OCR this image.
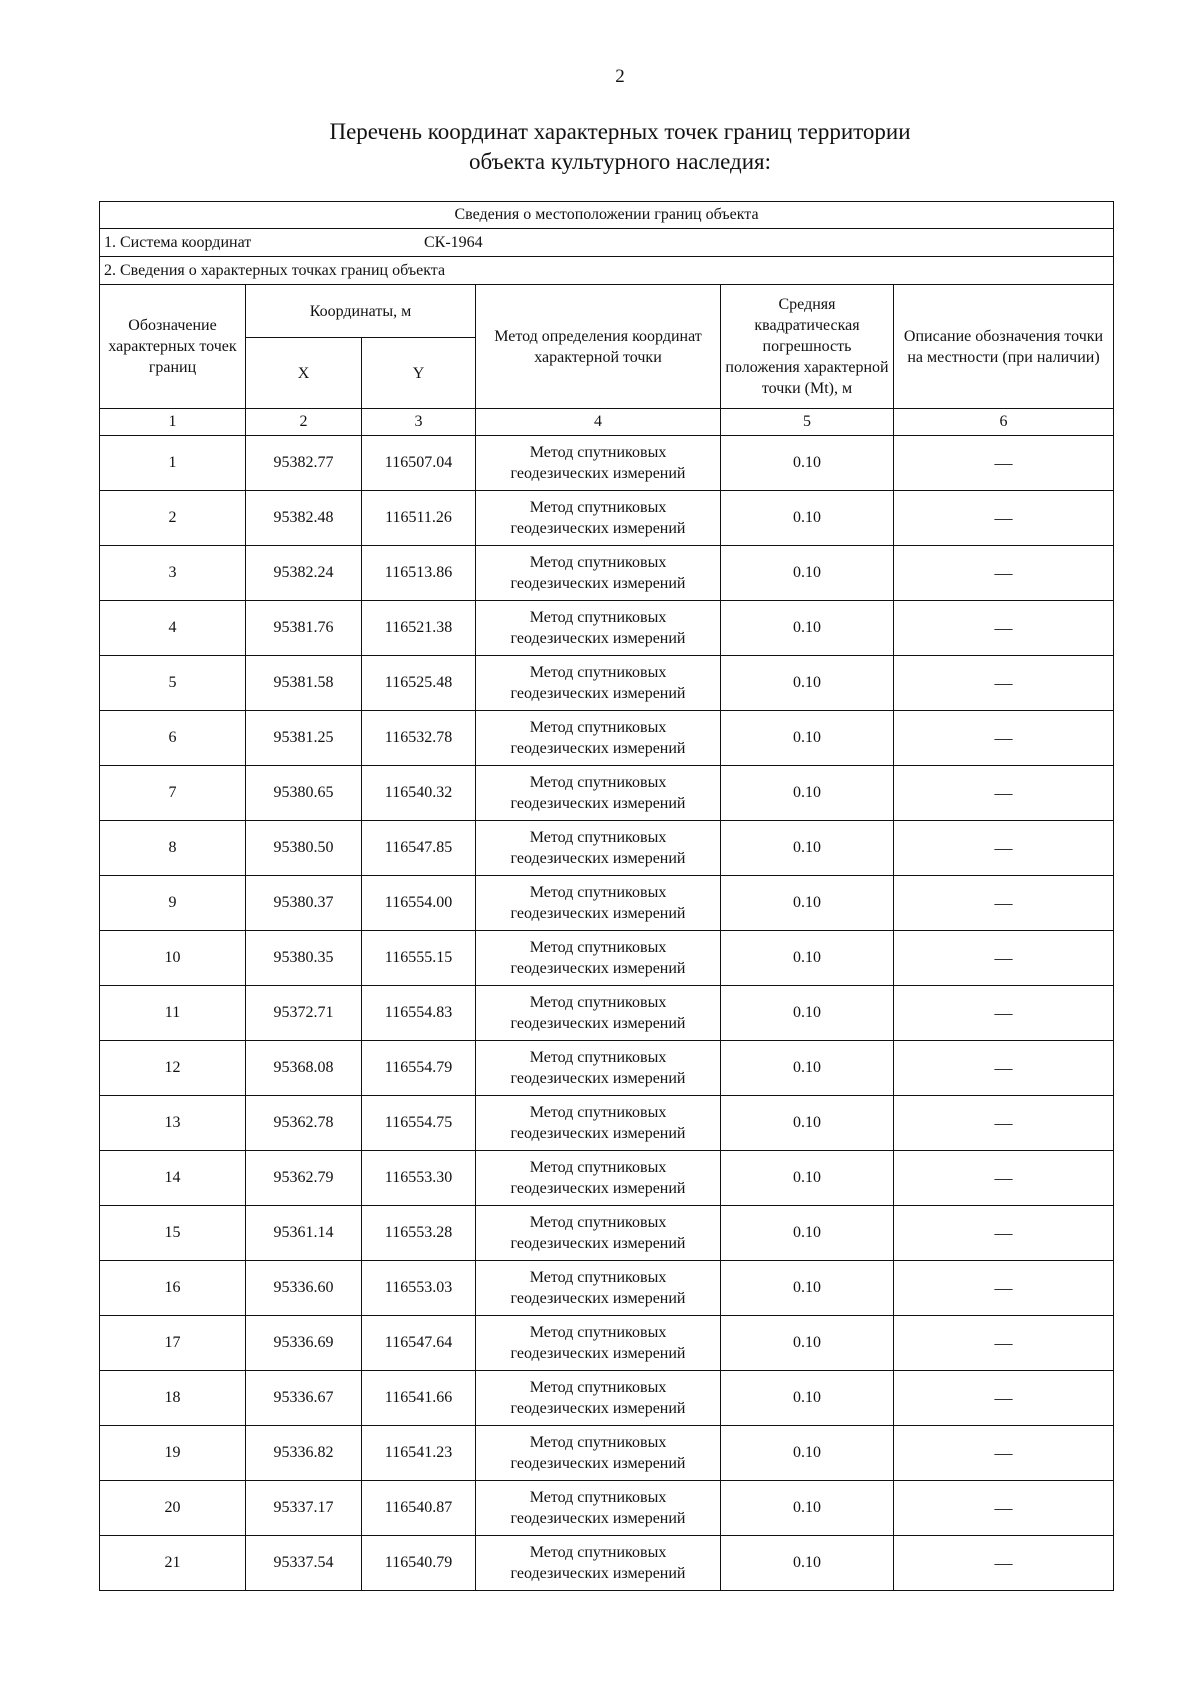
2
Перечень координат характерных точек границ территории
объекта культурного наследия:
Сведения о местоположении границ объекта					
1. Система координат СК-1964					
2. Сведения о характерных точках границ объекта					
Обозначение характерных точек границ	Координаты, м		Метод определения координат характерной точки	Средняя квадратическая погрешность положения характерной точки (Mt), м	Описание обозначения точки на местности (при наличии)
	X	Y			
1	2	3	4	5	6
1	95382.77	116507.04	Метод спутниковых геодезических измерений	0.10	—
2	95382.48	116511.26	Метод спутниковых геодезических измерений	0.10	—
3	95382.24	116513.86	Метод спутниковых геодезических измерений	0.10	—
4	95381.76	116521.38	Метод спутниковых геодезических измерений	0.10	—
5	95381.58	116525.48	Метод спутниковых геодезических измерений	0.10	—
6	95381.25	116532.78	Метод спутниковых геодезических измерений	0.10	—
7	95380.65	116540.32	Метод спутниковых геодезических измерений	0.10	—
8	95380.50	116547.85	Метод спутниковых геодезических измерений	0.10	—
9	95380.37	116554.00	Метод спутниковых геодезических измерений	0.10	—
10	95380.35	116555.15	Метод спутниковых геодезических измерений	0.10	—
11	95372.71	116554.83	Метод спутниковых геодезических измерений	0.10	—
12	95368.08	116554.79	Метод спутниковых геодезических измерений	0.10	—
13	95362.78	116554.75	Метод спутниковых геодезических измерений	0.10	—
14	95362.79	116553.30	Метод спутниковых геодезических измерений	0.10	—
15	95361.14	116553.28	Метод спутниковых геодезических измерений	0.10	—
16	95336.60	116553.03	Метод спутниковых геодезических измерений	0.10	—
17	95336.69	116547.64	Метод спутниковых геодезических измерений	0.10	—
18	95336.67	116541.66	Метод спутниковых геодезических измерений	0.10	—
19	95336.82	116541.23	Метод спутниковых геодезических измерений	0.10	—
20	95337.17	116540.87	Метод спутниковых геодезических измерений	0.10	—
21	95337.54	116540.79	Метод спутниковых геодезических измерений	0.10	—
